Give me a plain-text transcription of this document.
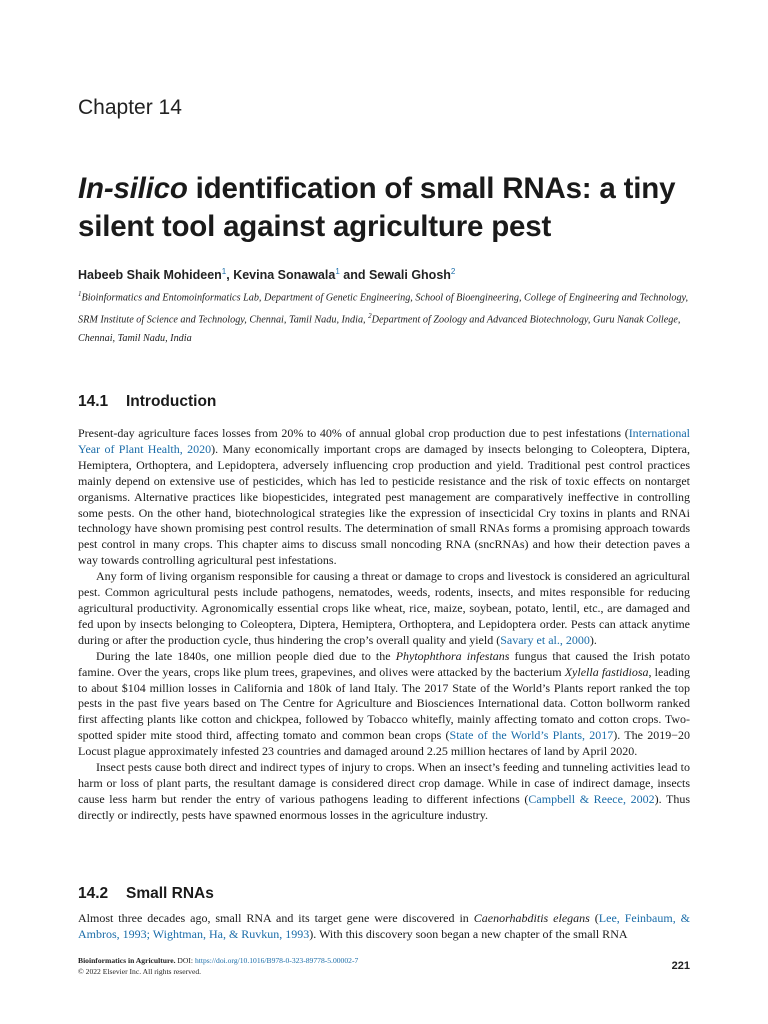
Chapter 14
In-silico identification of small RNAs: a tiny silent tool against agriculture pest
Habeeb Shaik Mohideen$^1$, Kevina Sonawala$^1$ and Sewali Ghosh$^2$
$^1$Bioinformatics and Entomoinformatics Lab, Department of Genetic Engineering, School of Bioengineering, College of Engineering and Technology, SRM Institute of Science and Technology, Chennai, Tamil Nadu, India, $^2$Department of Zoology and Advanced Biotechnology, Guru Nanak College, Chennai, Tamil Nadu, India
14.1 Introduction

Present-day agriculture faces losses from 20% to 40% of annual global crop production due to pest infestations (International Year of Plant Health, 2020). Many economically important crops are damaged by insects belonging to Coleoptera, Diptera, Hemiptera, Orthoptera, and Lepidoptera, adversely influencing crop production and yield. Traditional pest control practices mainly depend on extensive use of pesticides, which has led to pesticide resistance and the risk of toxic effects on nontarget organisms. Alternative practices like biopesticides, integrated pest management are comparatively ineffective in controlling some pests. On the other hand, biotechnological strategies like the expression of insecticidal Cry toxins in plants and RNAi technology have shown promising pest control results. The determination of small RNAs forms a promising approach towards pest control in many crops. This chapter aims to discuss small noncoding RNA (sncRNAs) and how their detection paves a way towards controlling agricultural pest infestations.

Any form of living organism responsible for causing a threat or damage to crops and livestock is considered an agricultural pest. Common agricultural pests include pathogens, nematodes, weeds, rodents, insects, and mites responsible for reducing agricultural productivity. Agronomically essential crops like wheat, rice, maize, soybean, potato, lentil, etc., are damaged and fed upon by insects belonging to Coleoptera, Diptera, Hemiptera, Orthoptera, and Lepidoptera order. Pests can attack anytime during or after the production cycle, thus hindering the crop’s overall quality and yield (Savary et al., 2000).

During the late 1840s, one million people died due to the Phytophthora infestans fungus that caused the Irish potato famine. Over the years, crops like plum trees, grapevines, and olives were attacked by the bacterium Xylella fastidiosa, leading to about $104 million losses in California and 180k of land Italy. The 2017 State of the World’s Plants report ranked the top pests in the past five years based on The Centre for Agriculture and Biosciences International data. Cotton bollworm ranked first affecting plants like cotton and chickpea, followed by Tobacco whitefly, mainly affecting tomato and cotton crops. Two-spotted spider mite stood third, affecting tomato and common bean crops (State of the World’s Plants, 2017). The 2019−20 Locust plague approximately infested 23 countries and damaged around 2.25 million hectares of land by April 2020.

Insect pests cause both direct and indirect types of injury to crops. When an insect’s feeding and tunneling activities lead to harm or loss of plant parts, the resultant damage is considered direct crop damage. While in case of indirect damage, insects cause less harm but render the entry of various pathogens leading to different infections (Campbell & Reece, 2002). Thus directly or indirectly, pests have spawned enormous losses in the agriculture industry.

14.2 Small RNAs

Almost three decades ago, small RNA and its target gene were discovered in Caenorhabditis elegans (Lee, Feinbaum, & Ambros, 1993; Wightman, Ha, & Ruvkun, 1993). With this discovery soon began a new chapter of the small RNA

Bioinformatics in Agriculture. DOI: https://doi.org/10.1016/B978-0-323-89778-5.00002-7
© 2022 Elsevier Inc. All rights reserved.	221
